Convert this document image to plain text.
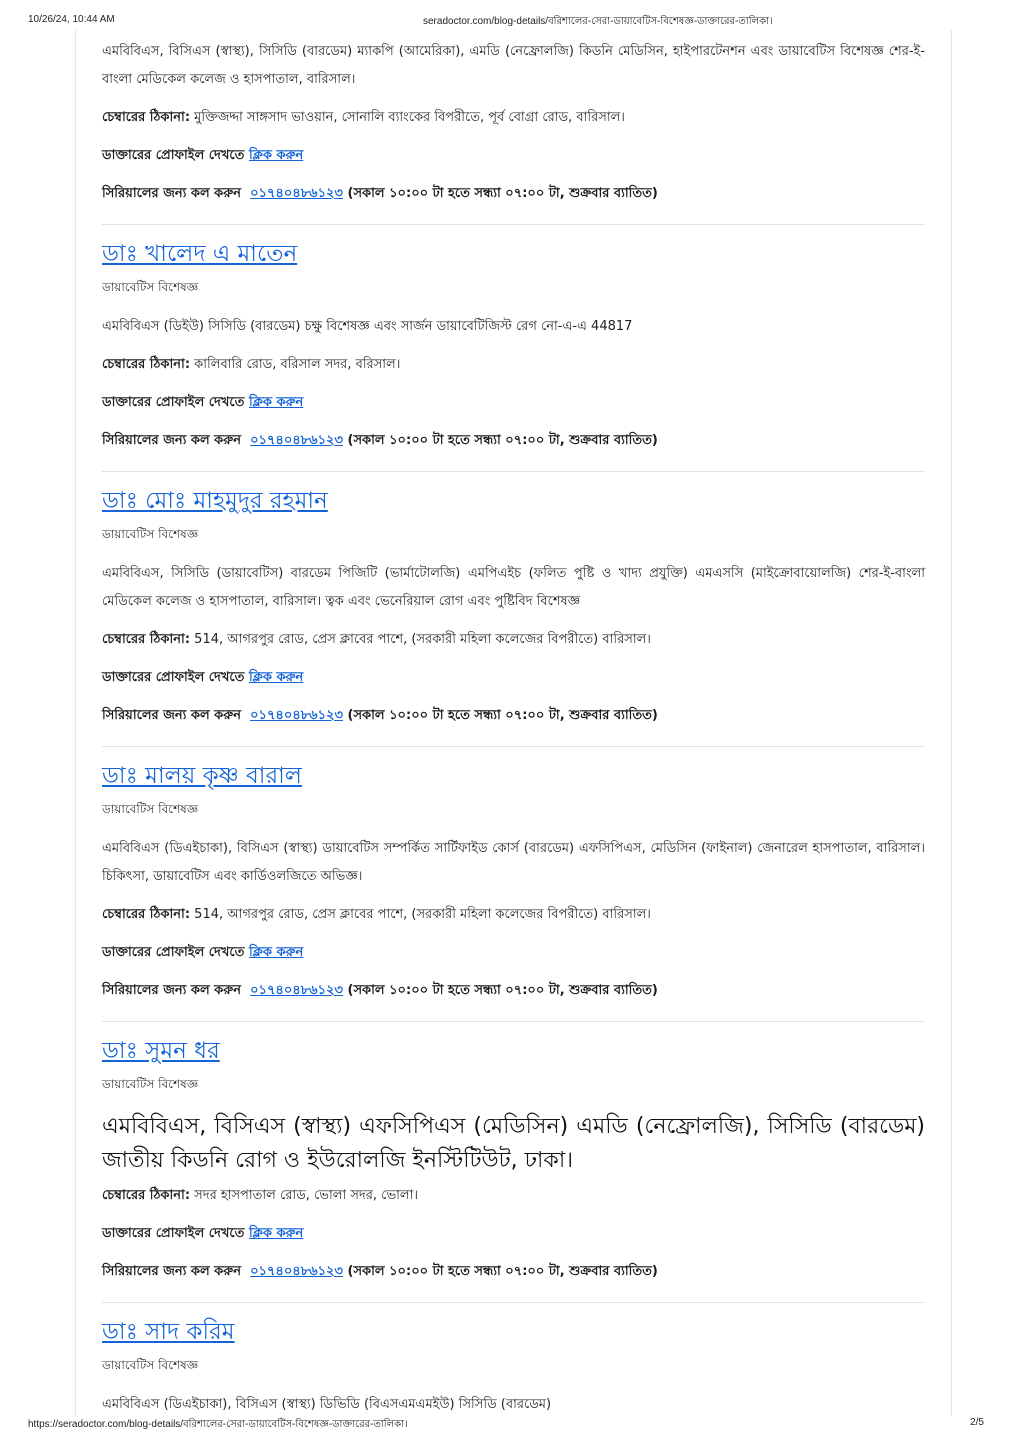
10/26/24, 10:44 AM	seradoctor.com/blog-details/বরিশালের-সেরা-ডায়াবেটিস-বিশেষজ্ঞ-ডাক্তারের-তালিকা।

এমবিবিএস, বিসিএস (স্বাস্থ্য), সিসিডি (বারডেম) ম্যাকপি (আমেরিকা), এমডি (নেফ্রোলজি) কিডনি মেডিসিন, হাইপারটেনশন এবং ডায়াবেটিস বিশেষজ্ঞ শের-ই-বাংলা মেডিকেল কলেজ ও হাসপাতাল, বারিসাল।

চেম্বারের ঠিকানা: মুক্তিজদ্দা সাঙ্গসাদ ভাওয়ান, সোনালি ব্যাংকের বিপরীতে, পূর্ব বোগ্রা রোড, বারিসাল।

ডাক্তারের প্রোফাইল দেখতে ক্লিক করুন

সিরিয়ালের জন্য কল করুন ০১৭৪০৪৮৬১২৩ (সকাল ১০:০০ টা হতে সন্ধ্যা ০৭:০০ টা, শুক্রবার ব্যাতিত)

ডাঃ খালেদ এ মাতেন

ডায়াবেটিস বিশেষজ্ঞ

এমবিবিএস (ডিইউ) সিসিডি (বারডেম) চক্ষু বিশেষজ্ঞ এবং সার্জন ডায়াবেটিজিস্ট রেগ নো-এ-এ 44817

চেম্বারের ঠিকানা: কালিবারি রোড, বরিসাল সদর, বরিসাল।

ডাক্তারের প্রোফাইল দেখতে ক্লিক করুন

সিরিয়ালের জন্য কল করুন ০১৭৪০৪৮৬১২৩ (সকাল ১০:০০ টা হতে সন্ধ্যা ০৭:০০ টা, শুক্রবার ব্যাতিত)

ডাঃ মোঃ মাহমুদুর রহমান

ডায়াবেটিস বিশেষজ্ঞ

এমবিবিএস, সিসিডি (ডায়াবেটিস) বারডেম পিজিটি (ভার্মাটোলজি) এমপিএইচ (ফলিত পুষ্টি ও খাদ্য প্রযুক্তি) এমএসসি (মাইক্রোবায়োলজি) শের-ই-বাংলা মেডিকেল কলেজ ও হাসপাতাল, বারিসাল। ত্বক এবং ভেনেরিয়াল রোগ এবং পুষ্টিবিদ বিশেষজ্ঞ

চেম্বারের ঠিকানা: 514, আগরপুর রোড, প্রেস ক্লাবের পাশে, (সরকারী মহিলা কলেজের বিপরীতে) বারিসাল।

ডাক্তারের প্রোফাইল দেখতে ক্লিক করুন

সিরিয়ালের জন্য কল করুন ০১৭৪০৪৮৬১২৩ (সকাল ১০:০০ টা হতে সন্ধ্যা ০৭:০০ টা, শুক্রবার ব্যাতিত)

ডাঃ মালয় কৃষ্ণ বারাল

ডায়াবেটিস বিশেষজ্ঞ

এমবিবিএস (ডিএইচাকা), বিসিএস (স্বাস্থ্য) ডায়াবেটিস সম্পর্কিত সার্টিফাইড কোর্স (বারডেম) এফসিপিএস, মেডিসিন (ফাইনাল) জেনারেল হাসপাতাল, বারিসাল। চিকিৎসা, ডায়াবেটিস এবং কার্ডিওলজিতে অভিজ্ঞ।

চেম্বারের ঠিকানা: 514, আগরপুর রোড, প্রেস ক্লাবের পাশে, (সরকারী মহিলা কলেজের বিপরীতে) বারিসাল।

ডাক্তারের প্রোফাইল দেখতে ক্লিক করুন

সিরিয়ালের জন্য কল করুন ০১৭৪০৪৮৬১২৩ (সকাল ১০:০০ টা হতে সন্ধ্যা ০৭:০০ টা, শুক্রবার ব্যাতিত)

ডাঃ সুমন ধর

ডায়াবেটিস বিশেষজ্ঞ

এমবিবিএস, বিসিএস (স্বাস্থ্য) এফসিপিএস (মেডিসিন) এমডি (নেফ্রোলজি), সিসিডি (বারডেম) জাতীয় কিডনি রোগ ও ইউরোলজি ইনস্টিটিউট, ঢাকা।

চেম্বারের ঠিকানা: সদর হাসপাতাল রোড, ভোলা সদর, ভোলা।

ডাক্তারের প্রোফাইল দেখতে ক্লিক করুন

সিরিয়ালের জন্য কল করুন ০১৭৪০৪৮৬১২৩ (সকাল ১০:০০ টা হতে সন্ধ্যা ০৭:০০ টা, শুক্রবার ব্যাতিত)

ডাঃ সাদ করিম

ডায়াবেটিস বিশেষজ্ঞ

এমবিবিএস (ডিএইচাকা), বিসিএস (স্বাস্থ্য) ডিভিডি (বিএসএমএমইউ) সিসিডি (বারডেম)

https://seradoctor.com/blog-details/বরিশালের-সেরা-ডায়াবেটিস-বিশেষজ্ঞ-ডাক্তারের-তালিকা।	2/5
